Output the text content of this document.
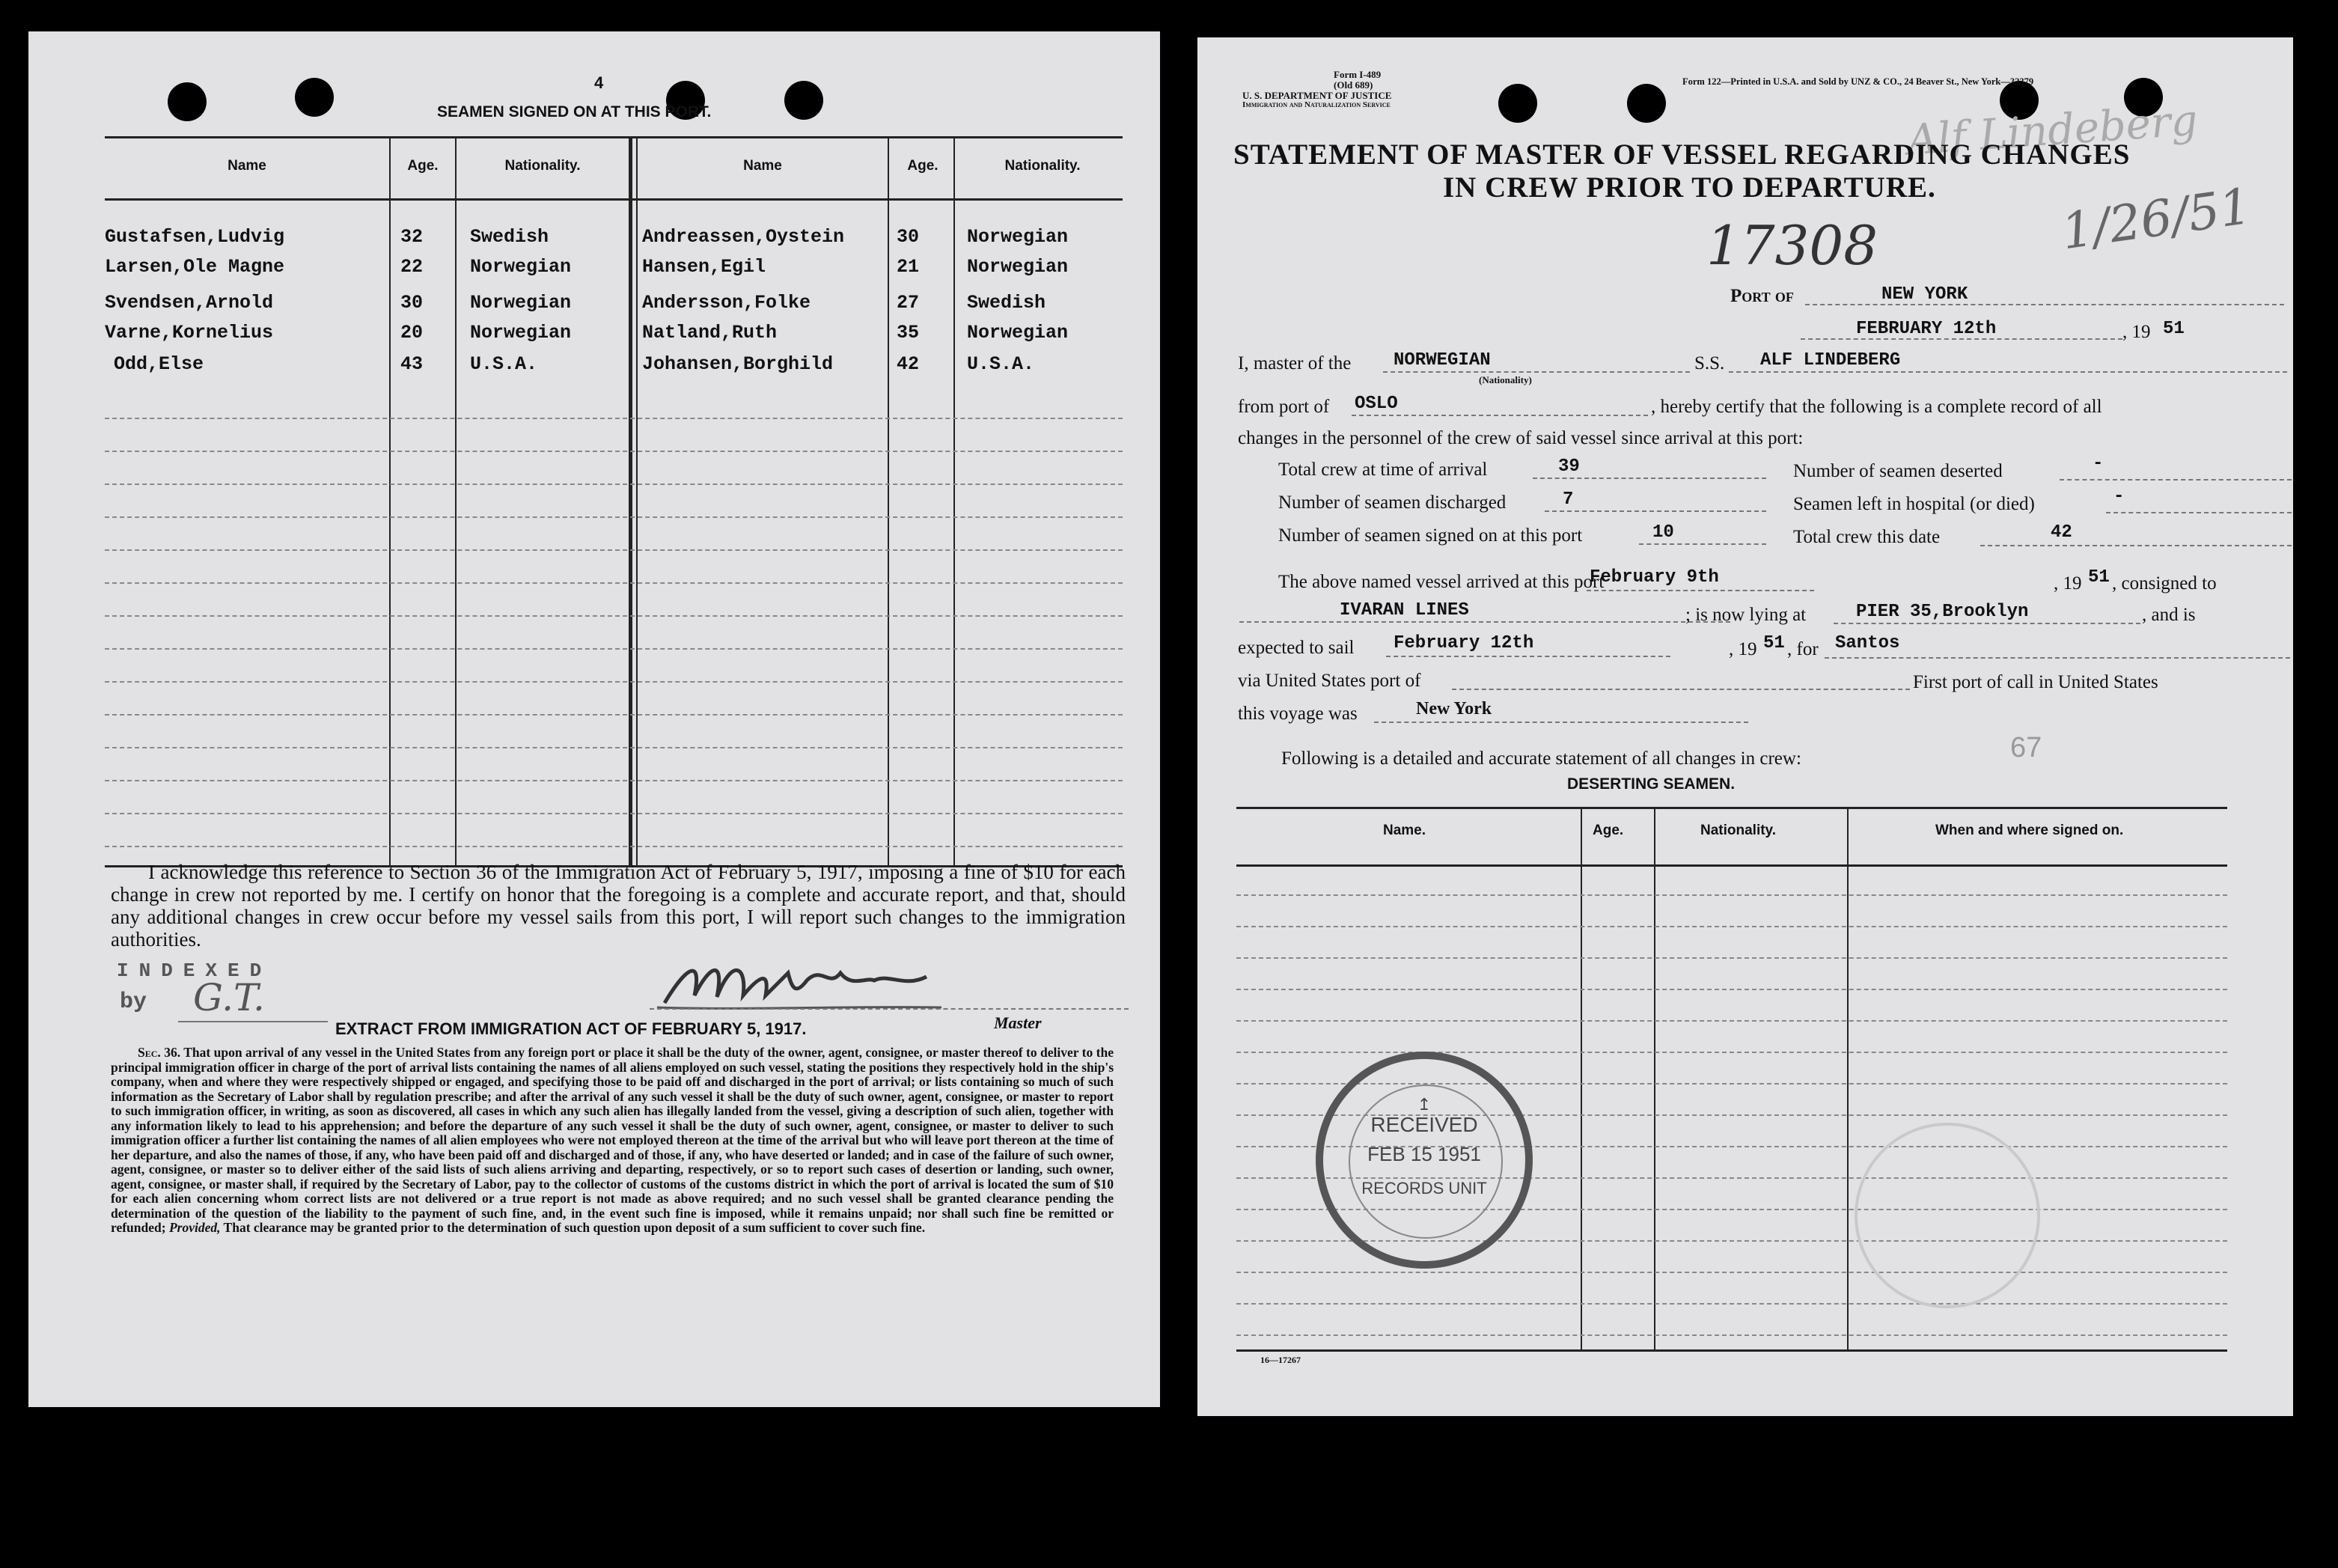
4
SEAMEN SIGNED ON AT THIS PORT.
Name	Age.	Nationality.	Name	Age.	Nationality.
Gustafsen,Ludvig	32	Swedish	Andreassen,Oystein	30	Norwegian
Larsen,Ole Magne	22	Norwegian	Hansen,Egil	21	Norwegian
Svendsen,Arnold	30	Norwegian	Andersson,Folke	27	Swedish
Varne,Kornelius	20	Norwegian	Natland,Ruth	35	Norwegian
Odd,Else	43	U.S.A.	Johansen,Borghild	42	U.S.A.
I acknowledge this reference to Section 36 of the Immigration Act of February 5, 1917, imposing a fine of $10 for each change in crew not reported by me. I certify on honor that the foregoing is a complete and accurate report, and that, should any additional changes in crew occur before my vessel sails from this port, I will report such changes to the immigration authorities.
INDEXED
by G.T.
Master
EXTRACT FROM IMMIGRATION ACT OF FEBRUARY 5, 1917.
Sec. 36. That upon arrival of any vessel in the United States from any foreign port or place it shall be the duty of the owner, agent, consignee, or master thereof to deliver to the principal immigration officer in charge of the port of arrival lists containing the names of all aliens employed on such vessel, stating the positions they respectively hold in the ship's company, when and where they were respectively shipped or engaged, and specifying those to be paid off and discharged in the port of arrival; or lists containing so much of such information as the Secretary of Labor shall by regulation prescribe; and after the arrival of any such vessel it shall be the duty of such owner, agent, consignee, or master to report to such immigration officer, in writing, as soon as discovered, all cases in which any such alien has illegally landed from the vessel, giving a description of such alien, together with any information likely to lead to his apprehension; and before the departure of any such vessel it shall be the duty of such owner, agent, consignee, or master to deliver to such immigration officer a further list containing the names of all alien employees who were not employed thereon at the time of the arrival but who will leave port thereon at the time of her departure, and also the names of those, if any, who have been paid off and discharged and of those, if any, who have deserted or landed; and in case of the failure of such owner, agent, consignee, or master so to deliver either of the said lists of such aliens arriving and departing, respectively, or so to report such cases of desertion or landing, such owner, agent, consignee, or master shall, if required by the Secretary of Labor, pay to the collector of customs of the customs district in which the port of arrival is located the sum of $10 for each alien concerning whom correct lists are not delivered or a true report is not made as above required; and no such vessel shall be granted clearance pending the determination of the question of the liability to the payment of such fine, and, in the event such fine is imposed, while it remains unpaid; nor shall such fine be remitted or refunded; Provided, That clearance may be granted prior to the determination of such question upon deposit of a sum sufficient to cover such fine.
Form I-489
(Old 689)
U. S. DEPARTMENT OF JUSTICE
Immigration and Naturalization Service
Form 122—Printed in U.S.A. and Sold by UNZ & CO., 24 Beaver St., New York—32379
Alf Lindeberg
STATEMENT OF MASTER OF VESSEL REGARDING CHANGES
IN CREW PRIOR TO DEPARTURE. 1/26/51
17308
Port of	NEW YORK
FEBRUARY 12th	, 19 51
I, master of the NORWEGIAN
(Nationality)
S.S. ALF LINDEBERG
from port of OSLO	, hereby certify that the following is a complete record of all
changes in the personnel of the crew of said vessel since arrival at this port:
Total crew at time of arrival	39	Number of seamen deserted	-
Number of seamen discharged	7	Seamen left in hospital (or died)	-
Number of seamen signed on at this port	10	Total crew this date	42
The above named vessel arrived at this port
February 9th	, 19 51 , consigned to
IVARAN LINES	; is now lying at	PIER 35,Brooklyn	, and is
expected to sail February 12th	, 19 51 , for Santos
via United States port of	First port of call in United States
this voyage was	New York
Following is a detailed and accurate statement of all changes in crew:	67
DESERTING SEAMEN.
Name.	Age.	Nationality.	When and where signed on.
16—17267
↥
RECEIVED
FEB 15 1951
RECORDS UNIT
